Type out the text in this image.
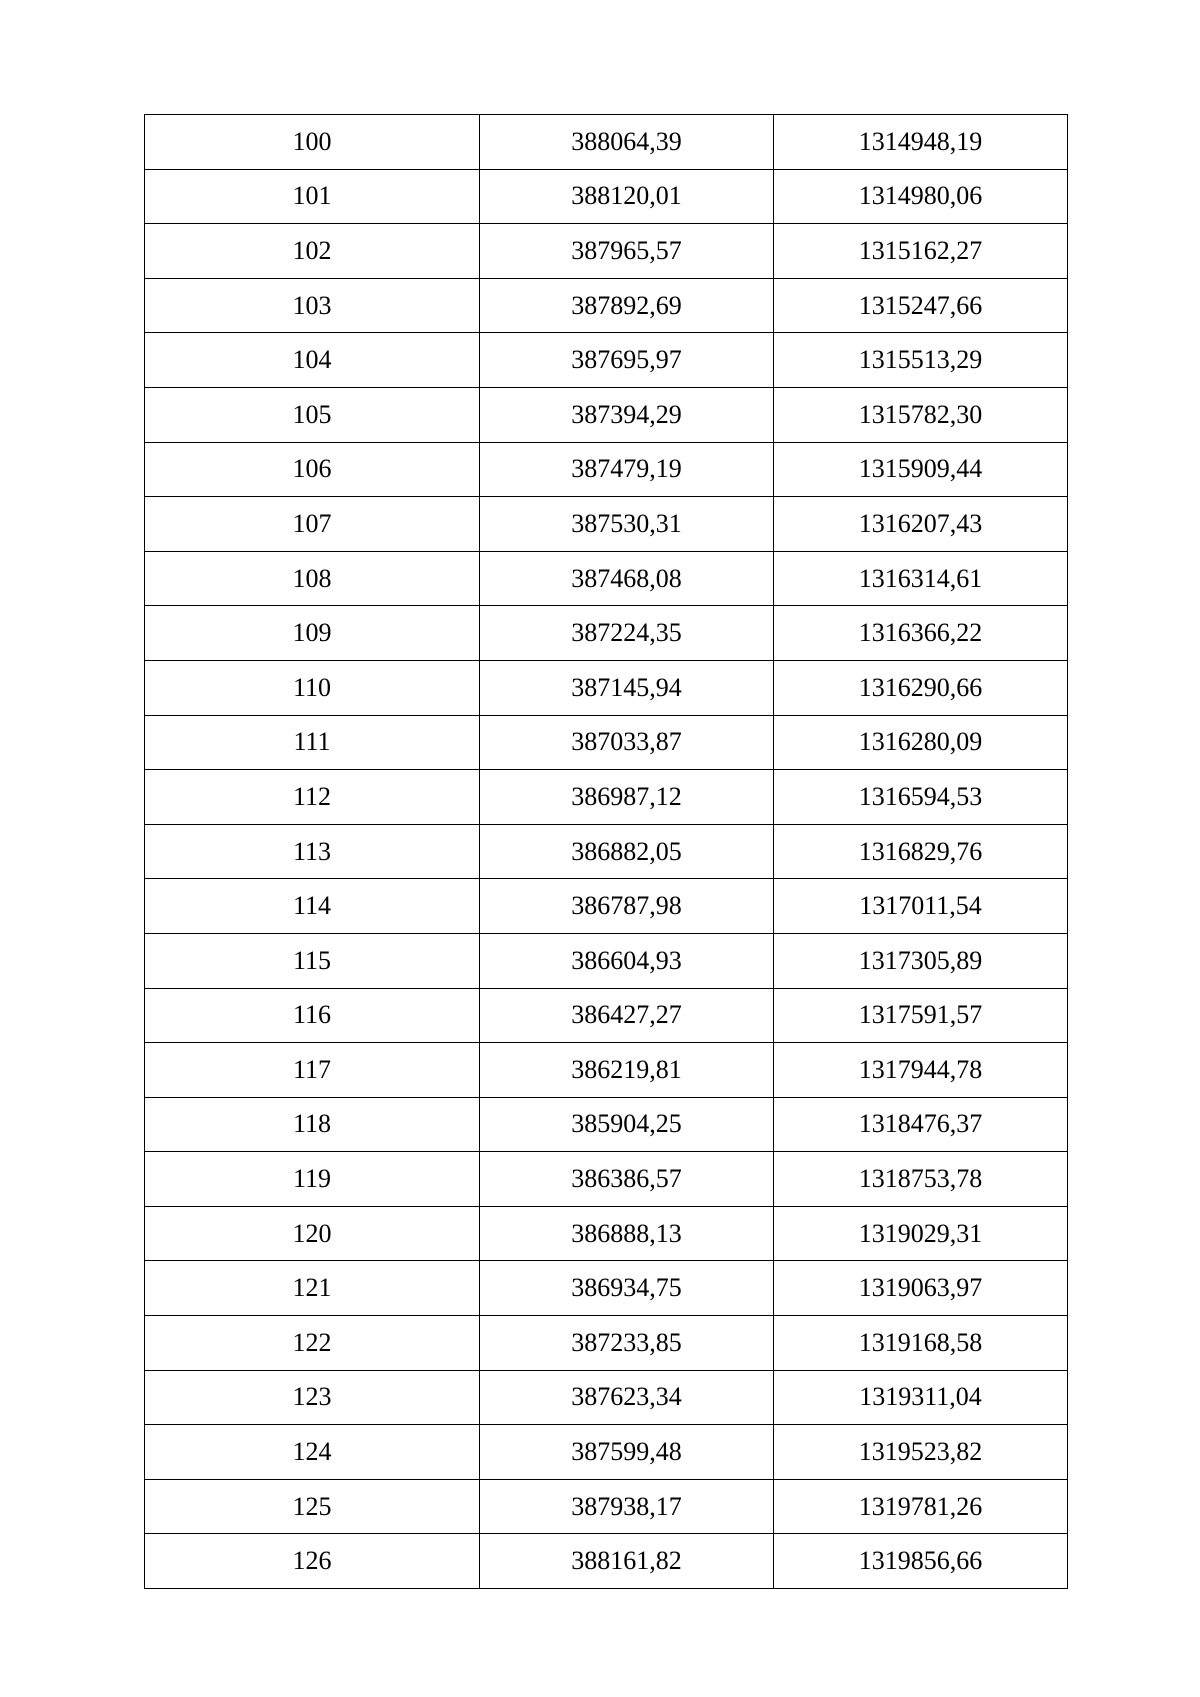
100	388064,39	1314948,19
101	388120,01	1314980,06
102	387965,57	1315162,27
103	387892,69	1315247,66
104	387695,97	1315513,29
105	387394,29	1315782,30
106	387479,19	1315909,44
107	387530,31	1316207,43
108	387468,08	1316314,61
109	387224,35	1316366,22
110	387145,94	1316290,66
111	387033,87	1316280,09
112	386987,12	1316594,53
113	386882,05	1316829,76
114	386787,98	1317011,54
115	386604,93	1317305,89
116	386427,27	1317591,57
117	386219,81	1317944,78
118	385904,25	1318476,37
119	386386,57	1318753,78
120	386888,13	1319029,31
121	386934,75	1319063,97
122	387233,85	1319168,58
123	387623,34	1319311,04
124	387599,48	1319523,82
125	387938,17	1319781,26
126	388161,82	1319856,66
